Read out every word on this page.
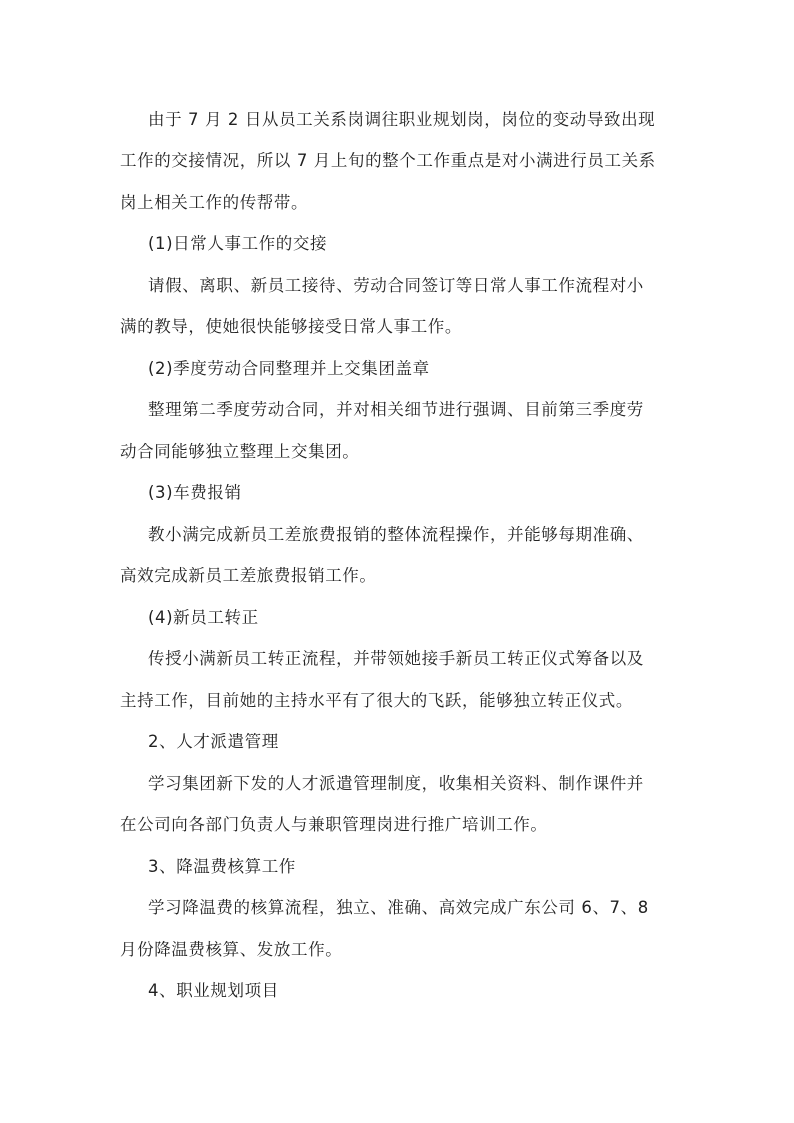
由于 7 月 2 日从员工关系岗调往职业规划岗，岗位的变动导致出现
工作的交接情况，所以 7 月上旬的整个工作重点是对小满进行员工关系
岗上相关工作的传帮带。
(1)日常人事工作的交接
请假、离职、新员工接待、劳动合同签订等日常人事工作流程对小
满的教导，使她很快能够接受日常人事工作。
(2)季度劳动合同整理并上交集团盖章
整理第二季度劳动合同，并对相关细节进行强调、目前第三季度劳
动合同能够独立整理上交集团。
(3)车费报销
教小满完成新员工差旅费报销的整体流程操作，并能够每期准确、
高效完成新员工差旅费报销工作。
(4)新员工转正
传授小满新员工转正流程，并带领她接手新员工转正仪式筹备以及
主持工作，目前她的主持水平有了很大的飞跃，能够独立转正仪式。
2、人才派遣管理
学习集团新下发的人才派遣管理制度，收集相关资料、制作课件并
在公司向各部门负责人与兼职管理岗进行推广培训工作。
3、降温费核算工作
学习降温费的核算流程，独立、准确、高效完成广东公司 6、7、8
月份降温费核算、发放工作。
4、职业规划项目
